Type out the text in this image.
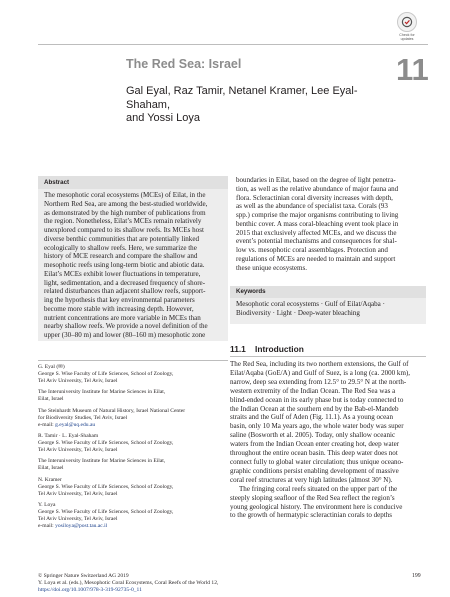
Check for
updates
The Red Sea: Israel	11
Gal Eyal, Raz Tamir, Netanel Kramer, Lee Eyal-Shaham,
and Yossi Loya
Abstract
The mesophotic coral ecosystems (MCEs) of Eilat, in the
Northern Red Sea, are among the best-studied worldwide,
as demonstrated by the high number of publications from
the region. Nonetheless, Eilat’s MCEs remain relatively
unexplored compared to its shallow reefs. Its MCEs host
diverse benthic communities that are potentially linked
ecologically to shallow reefs. Here, we summarize the
history of MCE research and compare the shallow and
mesophotic reefs using long-term biotic and abiotic data.
Eilat’s MCEs exhibit lower fluctuations in temperature,
light, sedimentation, and a decreased frequency of shore-
related disturbances than adjacent shallow reefs, support-
ing the hypothesis that key environmental parameters
become more stable with increasing depth. However,
nutrient concentrations are more variable in MCEs than
nearby shallow reefs. We provide a novel definition of the
upper (30–80 m) and lower (80–160 m) mesophotic zone
boundaries in Eilat, based on the degree of light penetra-
tion, as well as the relative abundance of major fauna and
flora. Scleractinian coral diversity increases with depth,
as well as the abundance of specialist taxa. Corals (93
spp.) comprise the major organisms contributing to living
benthic cover. A mass coral-bleaching event took place in
2015 that exclusively affected MCEs, and we discuss the
event’s potential mechanisms and consequences for shal-
low vs. mesophotic coral assemblages. Protection and
regulations of MCEs are needed to maintain and support
these unique ecosystems.
Keywords
Mesophotic coral ecosystems · Gulf of Eilat/Aqaba ·
Biodiversity · Light · Deep-water bleaching
11.1 Introduction
The Red Sea, including its two northern extensions, the Gulf of
Eilat/Aqaba (GoE/A) and Gulf of Suez, is a long (ca. 2000 km),
narrow, deep sea extending from 12.5° to 29.5° N at the north-
western extremity of the Indian Ocean. The Red Sea was a
blind-ended ocean in its early phase but is today connected to
the Indian Ocean at the southern end by the Bab-el-Mandeb
straits and the Gulf of Aden (Fig. 11.1). As a young ocean
basin, only 10 Ma years ago, the whole water body was super
saline (Bosworth et al. 2005). Today, only shallow oceanic
waters from the Indian Ocean enter creating hot, deep water
throughout the entire ocean basin. This deep water does not
connect fully to global water circulation; thus unique oceano-
graphic conditions persist enabling development of massive
coral reef structures at very high latitudes (almost 30° N).
The fringing coral reefs situated on the upper part of the
steeply sloping seafloor of the Red Sea reflect the region’s
young geological history. The environment here is conducive
to the growth of hermatypic scleractinian corals to depths
G. Eyal (✉)
George S. Wise Faculty of Life Sciences, School of Zoology,
Tel Aviv University, Tel Aviv, Israel
The Interuniversity Institute for Marine Sciences in Eilat,
Eilat, Israel
The Steinhardt Museum of Natural History, Israel National Center
for Biodiversity Studies, Tel Aviv, Israel
e-mail: g.eyal@uq.edu.au
R. Tamir · L. Eyal-Shaham
George S. Wise Faculty of Life Sciences, School of Zoology,
Tel Aviv University, Tel Aviv, Israel
The Interuniversity Institute for Marine Sciences in Eilat,
Eilat, Israel
N. Kramer
George S. Wise Faculty of Life Sciences, School of Zoology,
Tel Aviv University, Tel Aviv, Israel
Y. Loya
George S. Wise Faculty of Life Sciences, School of Zoology,
Tel Aviv University, Tel Aviv, Israel
e-mail: yosiloya@post.tau.ac.il
© Springer Nature Switzerland AG 2019
Y. Loya et al. (eds.), Mesophotic Coral Ecosystems, Coral Reefs of the World 12,
https://doi.org/10.1007/978-3-319-92735-0_11
199
